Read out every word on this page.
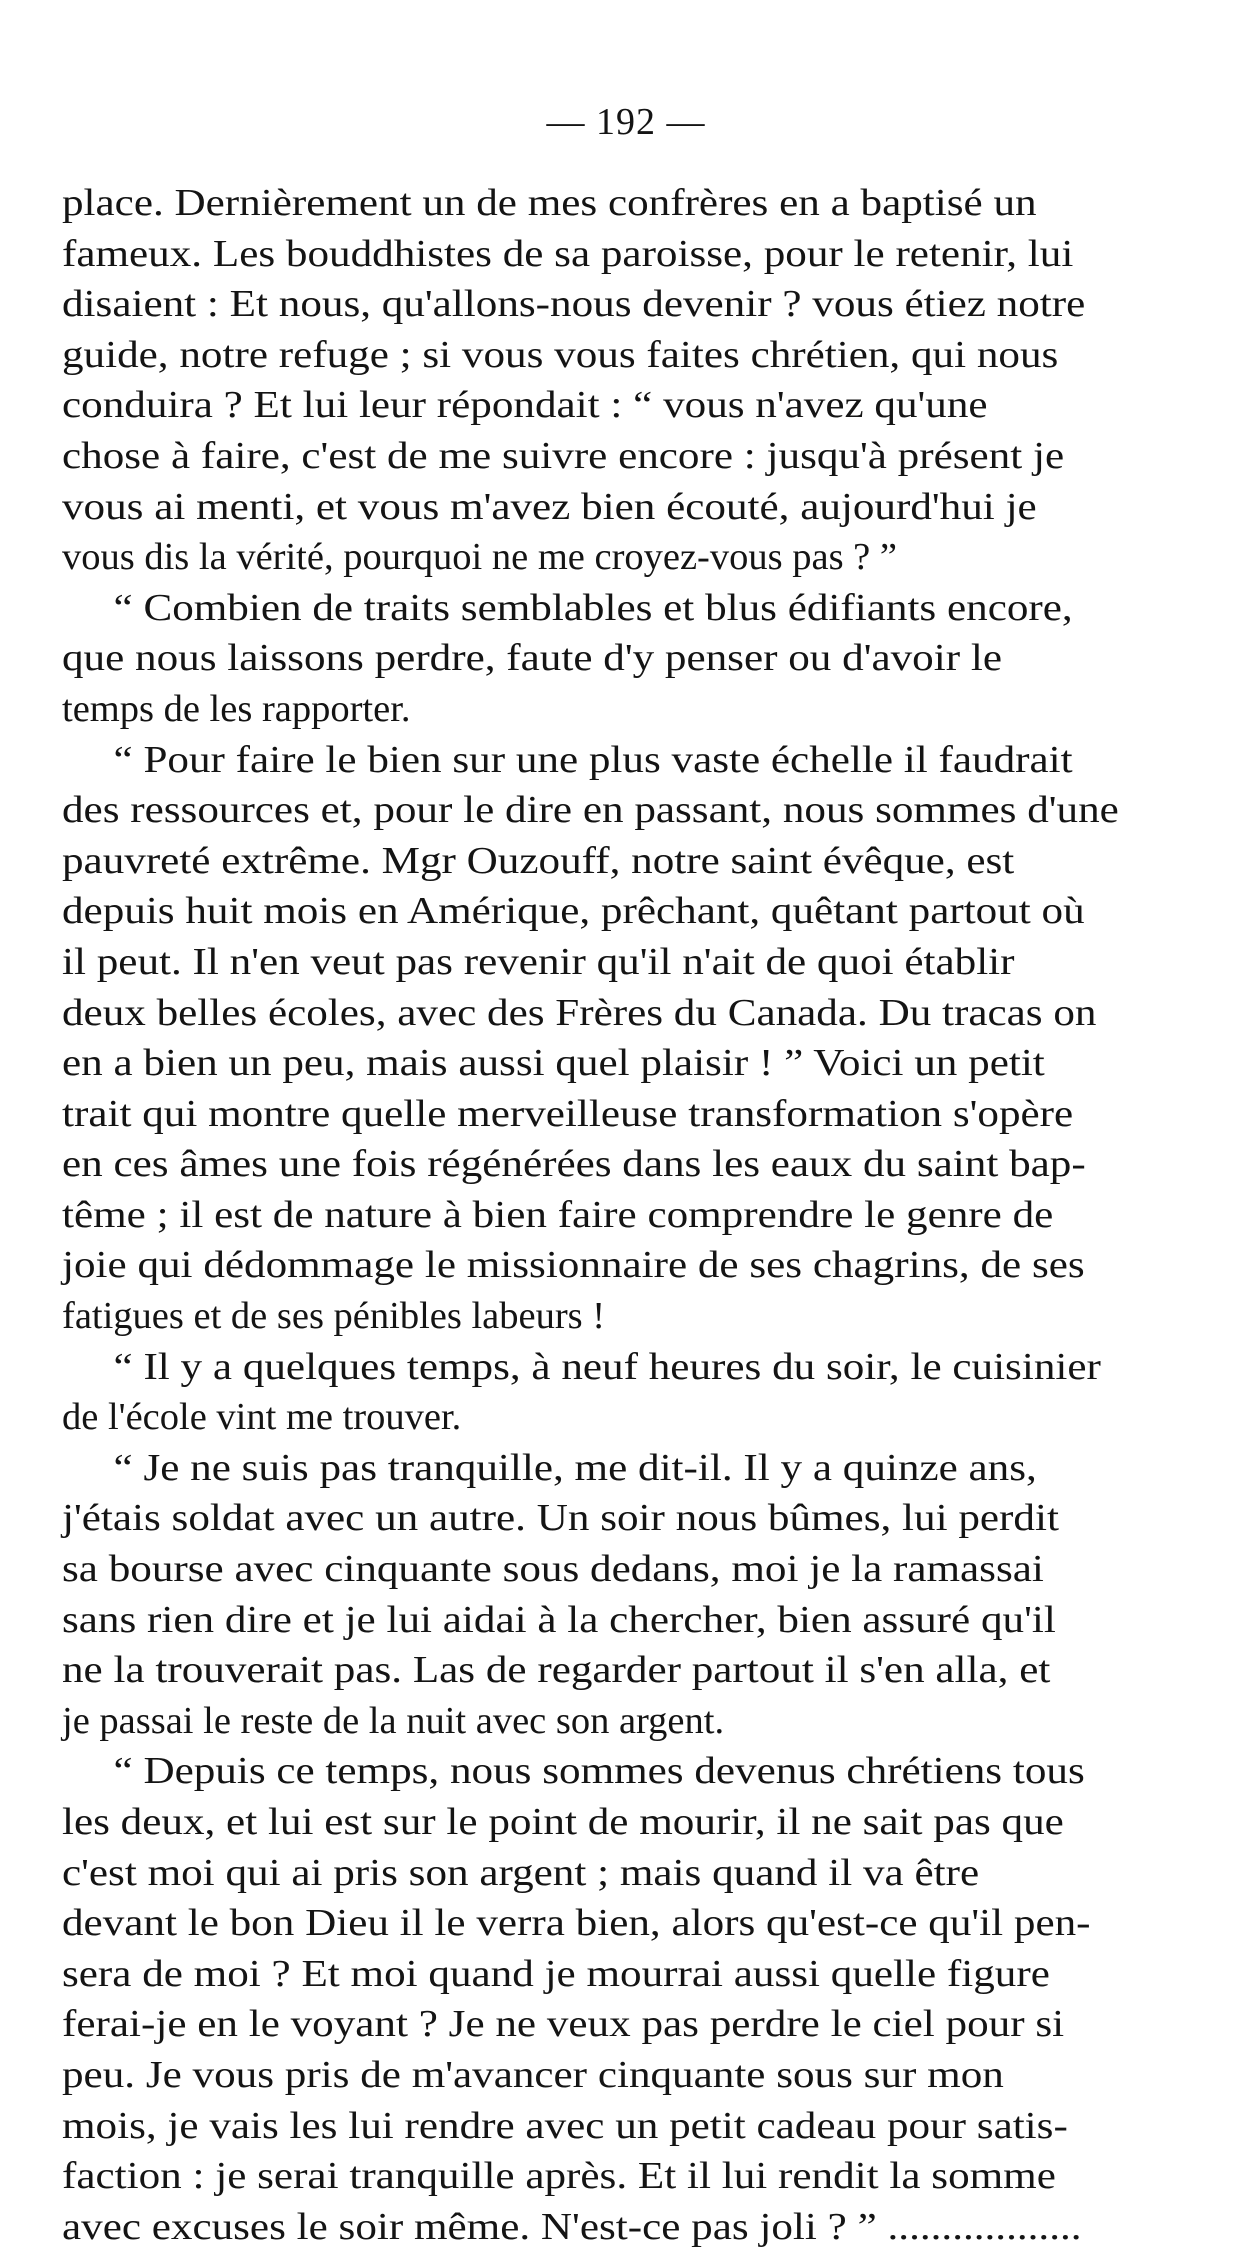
— 192 —
place. Dernièrement un de mes confrères en a baptisé un
fameux. Les bouddhistes de sa paroisse, pour le retenir, lui
disaient : Et nous, qu'allons-nous devenir ? vous étiez notre
guide, notre refuge ; si vous vous faites chrétien, qui nous
conduira ? Et lui leur répondait : “ vous n'avez qu'une
chose à faire, c'est de me suivre encore : jusqu'à présent je
vous ai menti, et vous m'avez bien écouté, aujourd'hui je
vous dis la vérité, pourquoi ne me croyez-vous pas ? ”
“ Combien de traits semblables et blus édifiants encore,
que nous laissons perdre, faute d'y penser ou d'avoir le
temps de les rapporter.
“ Pour faire le bien sur une plus vaste échelle il faudrait
des ressources et, pour le dire en passant, nous sommes d'une
pauvreté extrême. Mgr Ouzouff, notre saint évêque, est
depuis huit mois en Amérique, prêchant, quêtant partout où
il peut. Il n'en veut pas revenir qu'il n'ait de quoi établir
deux belles écoles, avec des Frères du Canada. Du tracas on
en a bien un peu, mais aussi quel plaisir ! ” Voici un petit
trait qui montre quelle merveilleuse transformation s'opère
en ces âmes une fois régénérées dans les eaux du saint bap-
tême ; il est de nature à bien faire comprendre le genre de
joie qui dédommage le missionnaire de ses chagrins, de ses
fatigues et de ses pénibles labeurs !
“ Il y a quelques temps, à neuf heures du soir, le cuisinier
de l'école vint me trouver.
“ Je ne suis pas tranquille, me dit-il. Il y a quinze ans,
j'étais soldat avec un autre. Un soir nous bûmes, lui perdit
sa bourse avec cinquante sous dedans, moi je la ramassai
sans rien dire et je lui aidai à la chercher, bien assuré qu'il
ne la trouverait pas. Las de regarder partout il s'en alla, et
je passai le reste de la nuit avec son argent.
“ Depuis ce temps, nous sommes devenus chrétiens tous
les deux, et lui est sur le point de mourir, il ne sait pas que
c'est moi qui ai pris son argent ; mais quand il va être
devant le bon Dieu il le verra bien, alors qu'est-ce qu'il pen-
sera de moi ? Et moi quand je mourrai aussi quelle figure
ferai-je en le voyant ? Je ne veux pas perdre le ciel pour si
peu. Je vous pris de m'avancer cinquante sous sur mon
mois, je vais les lui rendre avec un petit cadeau pour satis-
faction : je serai tranquille après. Et il lui rendit la somme
avec excuses le soir même. N'est-ce pas joli ? ” ..................
